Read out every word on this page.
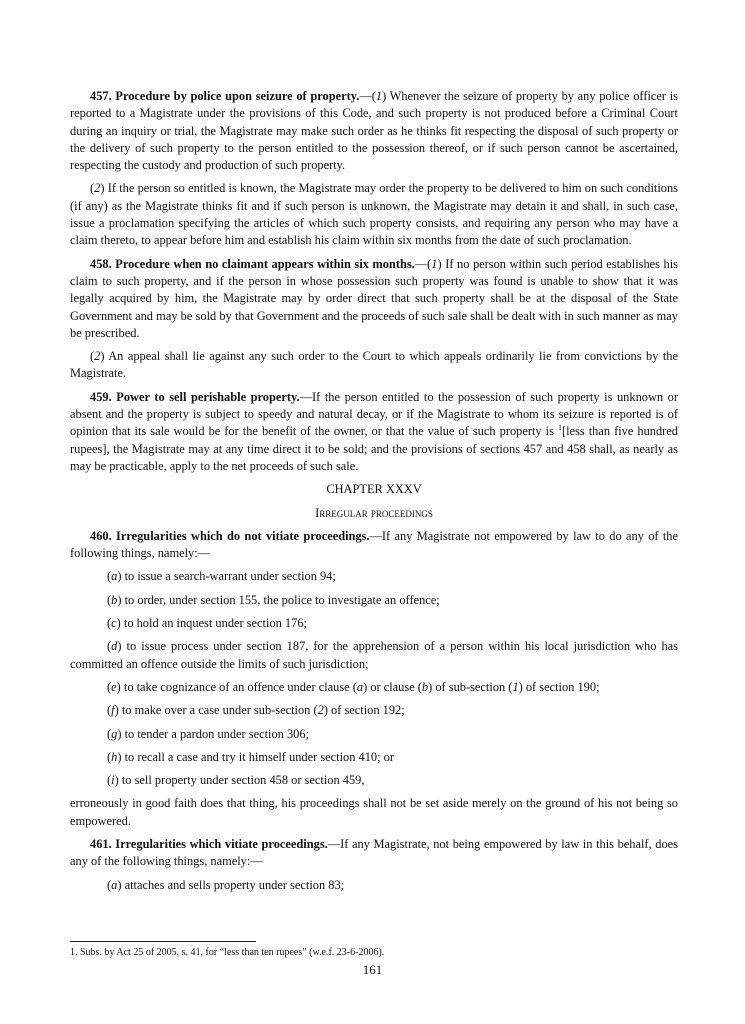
457. Procedure by police upon seizure of property.—(1) Whenever the seizure of property by any police officer is reported to a Magistrate under the provisions of this Code, and such property is not produced before a Criminal Court during an inquiry or trial, the Magistrate may make such order as he thinks fit respecting the disposal of such property or the delivery of such property to the person entitled to the possession thereof, or if such person cannot be ascertained, respecting the custody and production of such property.

(2) If the person so entitled is known, the Magistrate may order the property to be delivered to him on such conditions (if any) as the Magistrate thinks fit and if such person is unknown, the Magistrate may detain it and shall, in such case, issue a proclamation specifying the articles of which such property consists, and requiring any person who may have a claim thereto, to appear before him and establish his claim within six months from the date of such proclamation.

458. Procedure when no claimant appears within six months.—(1) If no person within such period establishes his claim to such property, and if the person in whose possession such property was found is unable to show that it was legally acquired by him, the Magistrate may by order direct that such property shall be at the disposal of the State Government and may be sold by that Government and the proceeds of such sale shall be dealt with in such manner as may be prescribed.

(2) An appeal shall lie against any such order to the Court to which appeals ordinarily lie from convictions by the Magistrate.

459. Power to sell perishable property.—If the person entitled to the possession of such property is unknown or absent and the property is subject to speedy and natural decay, or if the Magistrate to whom its seizure is reported is of opinion that its sale would be for the benefit of the owner, or that the value of such property is $^1$[less than five hundred rupees], the Magistrate may at any time direct it to be sold; and the provisions of sections 457 and 458 shall, as nearly as may be practicable, apply to the net proceeds of such sale.

CHAPTER XXXV

Irregular proceedings

460. Irregularities which do not vitiate proceedings.—If any Magistrate not empowered by law to do any of the following things, namely:—

(a) to issue a search-warrant under section 94;

(b) to order, under section 155, the police to investigate an offence;

(c) to hold an inquest under section 176;

(d) to issue process under section 187, for the apprehension of a person within his local jurisdiction who has committed an offence outside the limits of such jurisdiction;

(e) to take cognizance of an offence under clause (a) or clause (b) of sub-section (1) of section 190;

(f) to make over a case under sub-section (2) of section 192;

(g) to tender a pardon under section 306;

(h) to recall a case and try it himself under section 410; or

(i) to sell property under section 458 or section 459,

erroneously in good faith does that thing, his proceedings shall not be set aside merely on the ground of his not being so empowered.

461. Irregularities which vitiate proceedings.—If any Magistrate, not being empowered by law in this behalf, does any of the following things, namely:—

(a) attaches and sells property under section 83;

1. Subs. by Act 25 of 2005, s. 41, for “less than ten rupees” (w.e.f. 23-6-2006).
161
